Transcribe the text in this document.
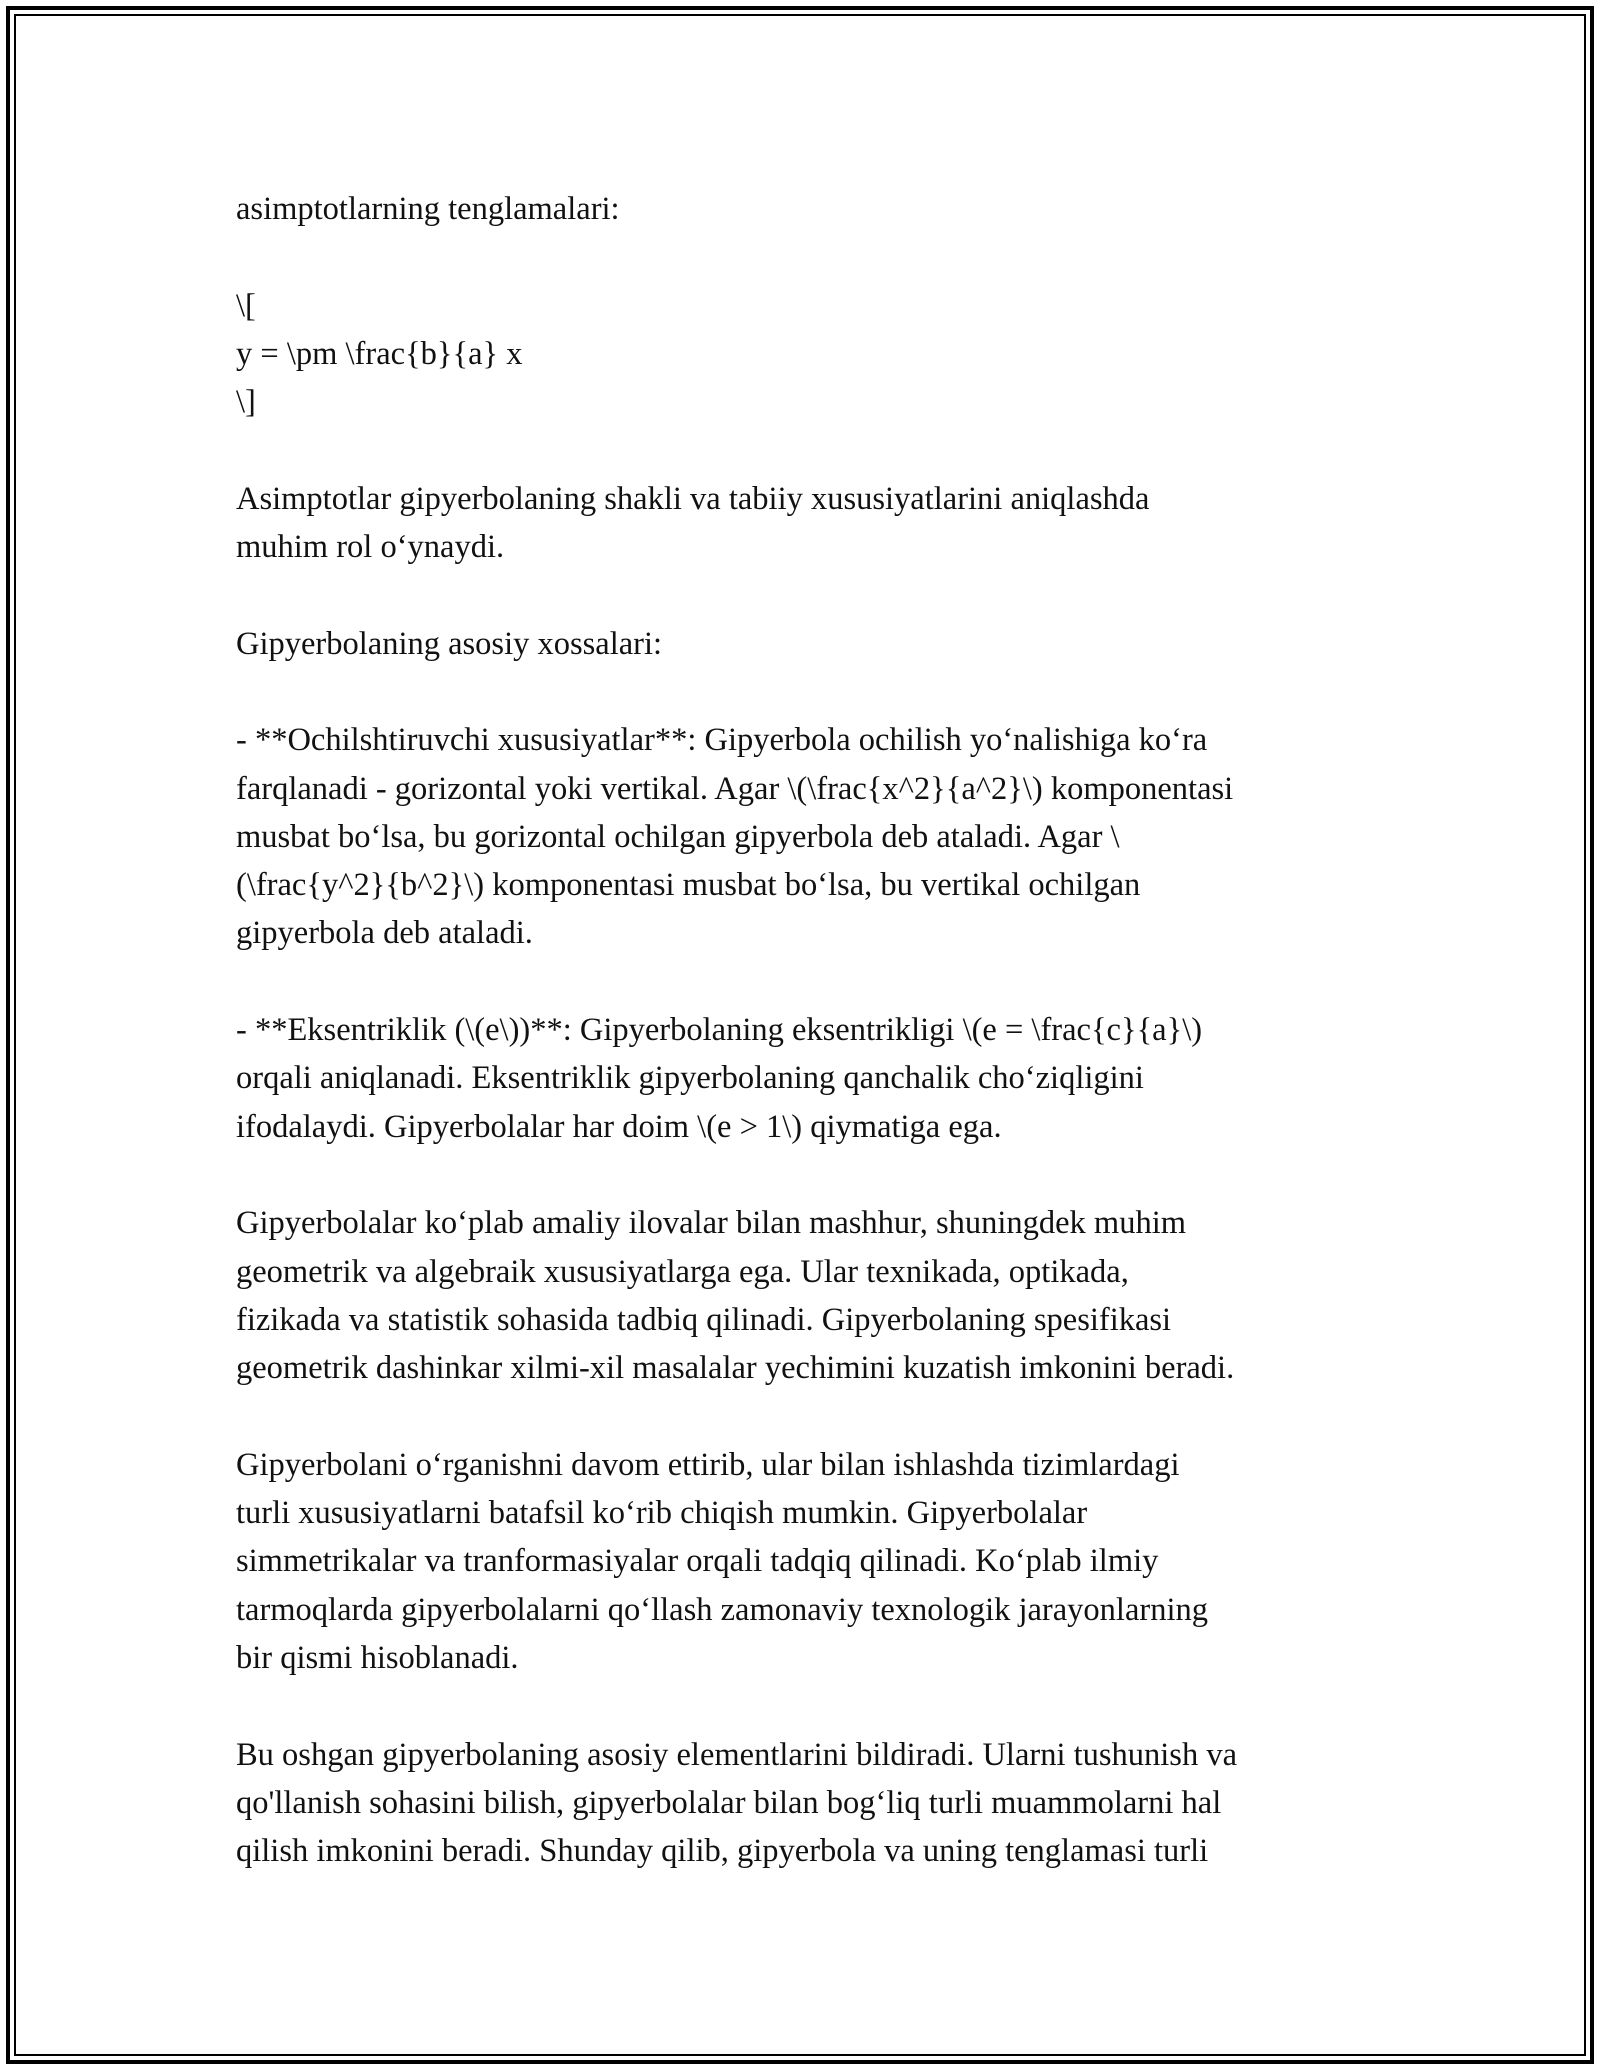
asimptotlarning tenglamalari:

\[
y = \pm \frac{b}{a} x
\]

Asimptotlar gipyerbolaning shakli va tabiiy xususiyatlarini aniqlashda
muhim rol o‘ynaydi.

Gipyerbolaning asosiy xossalari:

- **Ochilshtiruvchi xususiyatlar**: Gipyerbola ochilish yo‘nalishiga ko‘ra
farqlanadi - gorizontal yoki vertikal. Agar \(\frac{x^2}{a^2}\) komponentasi
musbat bo‘lsa, bu gorizontal ochilgan gipyerbola deb ataladi. Agar \
(\frac{y^2}{b^2}\) komponentasi musbat bo‘lsa, bu vertikal ochilgan
gipyerbola deb ataladi.

- **Eksentriklik (\(e\))**: Gipyerbolaning eksentrikligi \(e = \frac{c}{a}\)
orqali aniqlanadi. Eksentriklik gipyerbolaning qanchalik cho‘ziqligini
ifodalaydi. Gipyerbolalar har doim \(e > 1\) qiymatiga ega.

Gipyerbolalar ko‘plab amaliy ilovalar bilan mashhur, shuningdek muhim
geometrik va algebraik xususiyatlarga ega. Ular texnikada, optikada,
fizikada va statistik sohasida tadbiq qilinadi. Gipyerbolaning spesifikasi
geometrik dashinkar xilmi-xil masalalar yechimini kuzatish imkonini beradi.

Gipyerbolani o‘rganishni davom ettirib, ular bilan ishlashda tizimlardagi
turli xususiyatlarni batafsil ko‘rib chiqish mumkin. Gipyerbolalar
simmetrikalar va tranformasiyalar orqali tadqiq qilinadi. Ko‘plab ilmiy
tarmoqlarda gipyerbolalarni qo‘llash zamonaviy texnologik jarayonlarning
bir qismi hisoblanadi.

Bu oshgan gipyerbolaning asosiy elementlarini bildiradi. Ularni tushunish va
qo'llanish sohasini bilish, gipyerbolalar bilan bog‘liq turli muammolarni hal
qilish imkonini beradi. Shunday qilib, gipyerbola va uning tenglamasi turli
